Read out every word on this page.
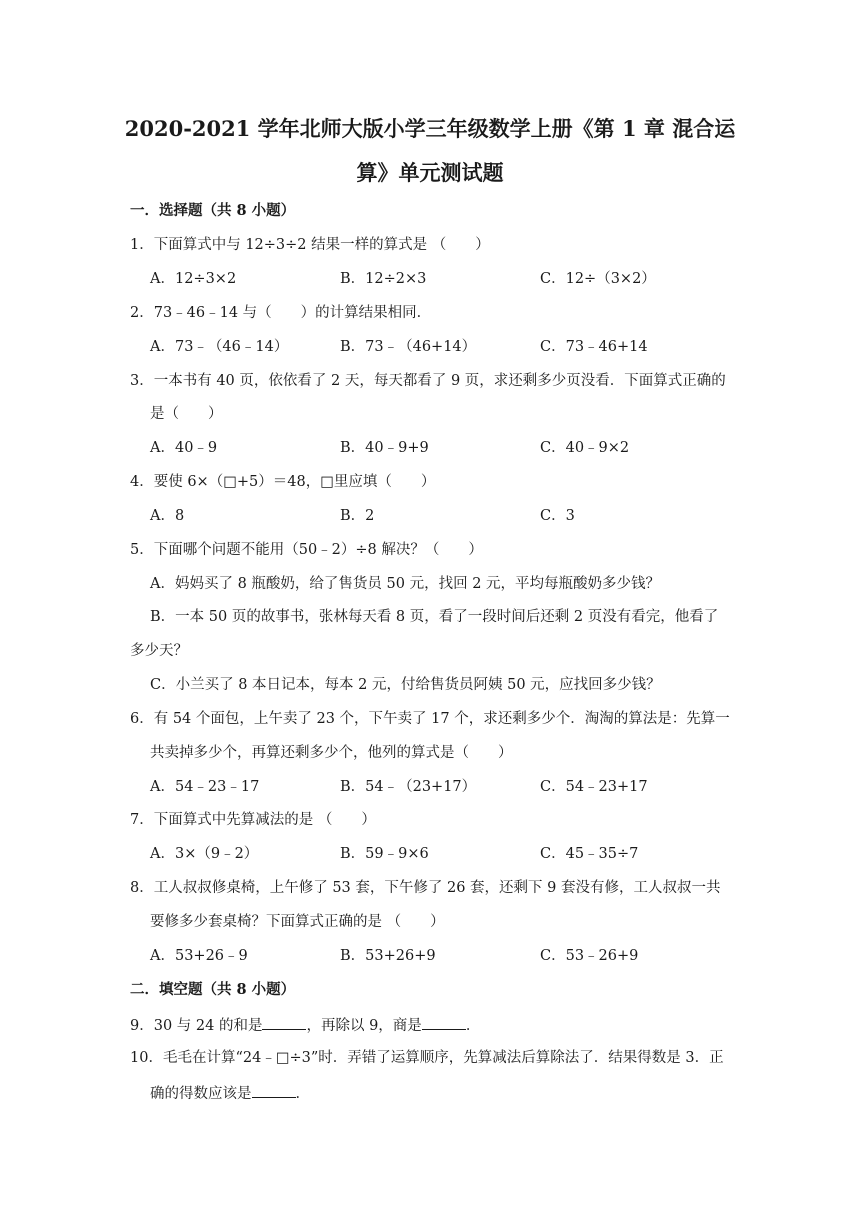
2020-2021 学年北师大版小学三年级数学上册《第 1 章 混合运
算》单元测试题
一．选择题（共 8 小题）
1．下面算式中与 12÷3÷2 结果一样的算式是 （　　）
A．12÷3×2	B．12÷2×3	C．12÷（3×2）
2．73﹣46﹣14 与（　　）的计算结果相同．
A．73﹣（46﹣14）	B．73﹣（46+14）	C．73﹣46+14
3．一本书有 40 页，依依看了 2 天，每天都看了 9 页，求还剩多少页没看．下面算式正确的
是（　　）
A．40﹣9	B．40﹣9+9	C．40﹣9×2
4．要使 6×（□+5）＝48，□里应填（　　）
A．8	B．2	C．3
5．下面哪个问题不能用（50﹣2）÷8 解决？（　　）
A．妈妈买了 8 瓶酸奶，给了售货员 50 元，找回 2 元，平均每瓶酸奶多少钱？
B．一本 50 页的故事书，张林每天看 8 页，看了一段时间后还剩 2 页没有看完，他看了
多少天？
C．小兰买了 8 本日记本，每本 2 元，付给售货员阿姨 50 元，应找回多少钱？
6．有 54 个面包，上午卖了 23 个，下午卖了 17 个，求还剩多少个．淘淘的算法是：先算一
共卖掉多少个，再算还剩多少个，他列的算式是（　　）
A．54﹣23﹣17	B．54﹣（23+17）	C．54﹣23+17
7．下面算式中先算减法的是 （　　）
A．3×（9﹣2）	B．59﹣9×6	C．45﹣35÷7
8．工人叔叔修桌椅，上午修了 53 套，下午修了 26 套，还剩下 9 套没有修，工人叔叔一共
要修多少套桌椅？下面算式正确的是 （　　）
A．53+26﹣9	B．53+26+9	C．53﹣26+9
二．填空题（共 8 小题）
9．30 与 24 的和是	，再除以 9，商是	．
10．毛毛在计算“24﹣□÷3”时．弄错了运算顺序，先算减法后算除法了．结果得数是 3．正
确的得数应该是	．
